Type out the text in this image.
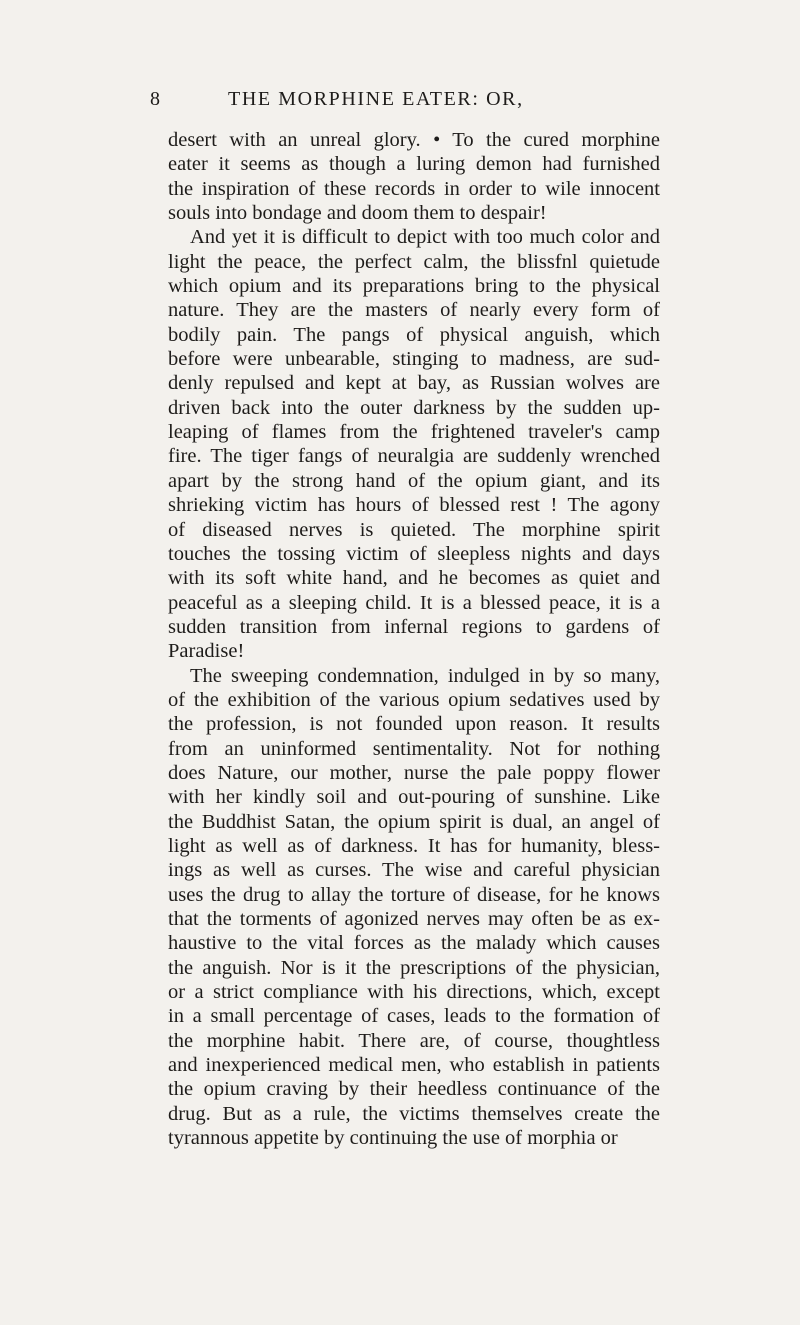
8	THE MORPHINE EATER: OR,
desert with an unreal glory. • To the cured morphine
eater it seems as though a luring demon had furnished
the inspiration of these records in order to wile innocent
souls into bondage and doom them to despair!
And yet it is difficult to depict with too much color and
light the peace, the perfect calm, the blissfnl quietude
which opium and its preparations bring to the physical
nature. They are the masters of nearly every form of
bodily pain. The pangs of physical anguish, which
before were unbearable, stinging to madness, are sud-
denly repulsed and kept at bay, as Russian wolves are
driven back into the outer darkness by the sudden up-
leaping of flames from the frightened traveler's camp
fire. The tiger fangs of neuralgia are suddenly wrenched
apart by the strong hand of the opium giant, and its
shrieking victim has hours of blessed rest ! The agony
of diseased nerves is quieted. The morphine spirit
touches the tossing victim of sleepless nights and days
with its soft white hand, and he becomes as quiet and
peaceful as a sleeping child. It is a blessed peace, it is a
sudden transition from infernal regions to gardens of
Paradise!
The sweeping condemnation, indulged in by so many,
of the exhibition of the various opium sedatives used by
the profession, is not founded upon reason. It results
from an uninformed sentimentality. Not for nothing
does Nature, our mother, nurse the pale poppy flower
with her kindly soil and out-pouring of sunshine. Like
the Buddhist Satan, the opium spirit is dual, an angel of
light as well as of darkness. It has for humanity, bless-
ings as well as curses. The wise and careful physician
uses the drug to allay the torture of disease, for he knows
that the torments of agonized nerves may often be as ex-
haustive to the vital forces as the malady which causes
the anguish. Nor is it the prescriptions of the physician,
or a strict compliance with his directions, which, except
in a small percentage of cases, leads to the formation of
the morphine habit. There are, of course, thoughtless
and inexperienced medical men, who establish in patients
the opium craving by their heedless continuance of the
drug. But as a rule, the victims themselves create the
tyrannous appetite by continuing the use of morphia or
